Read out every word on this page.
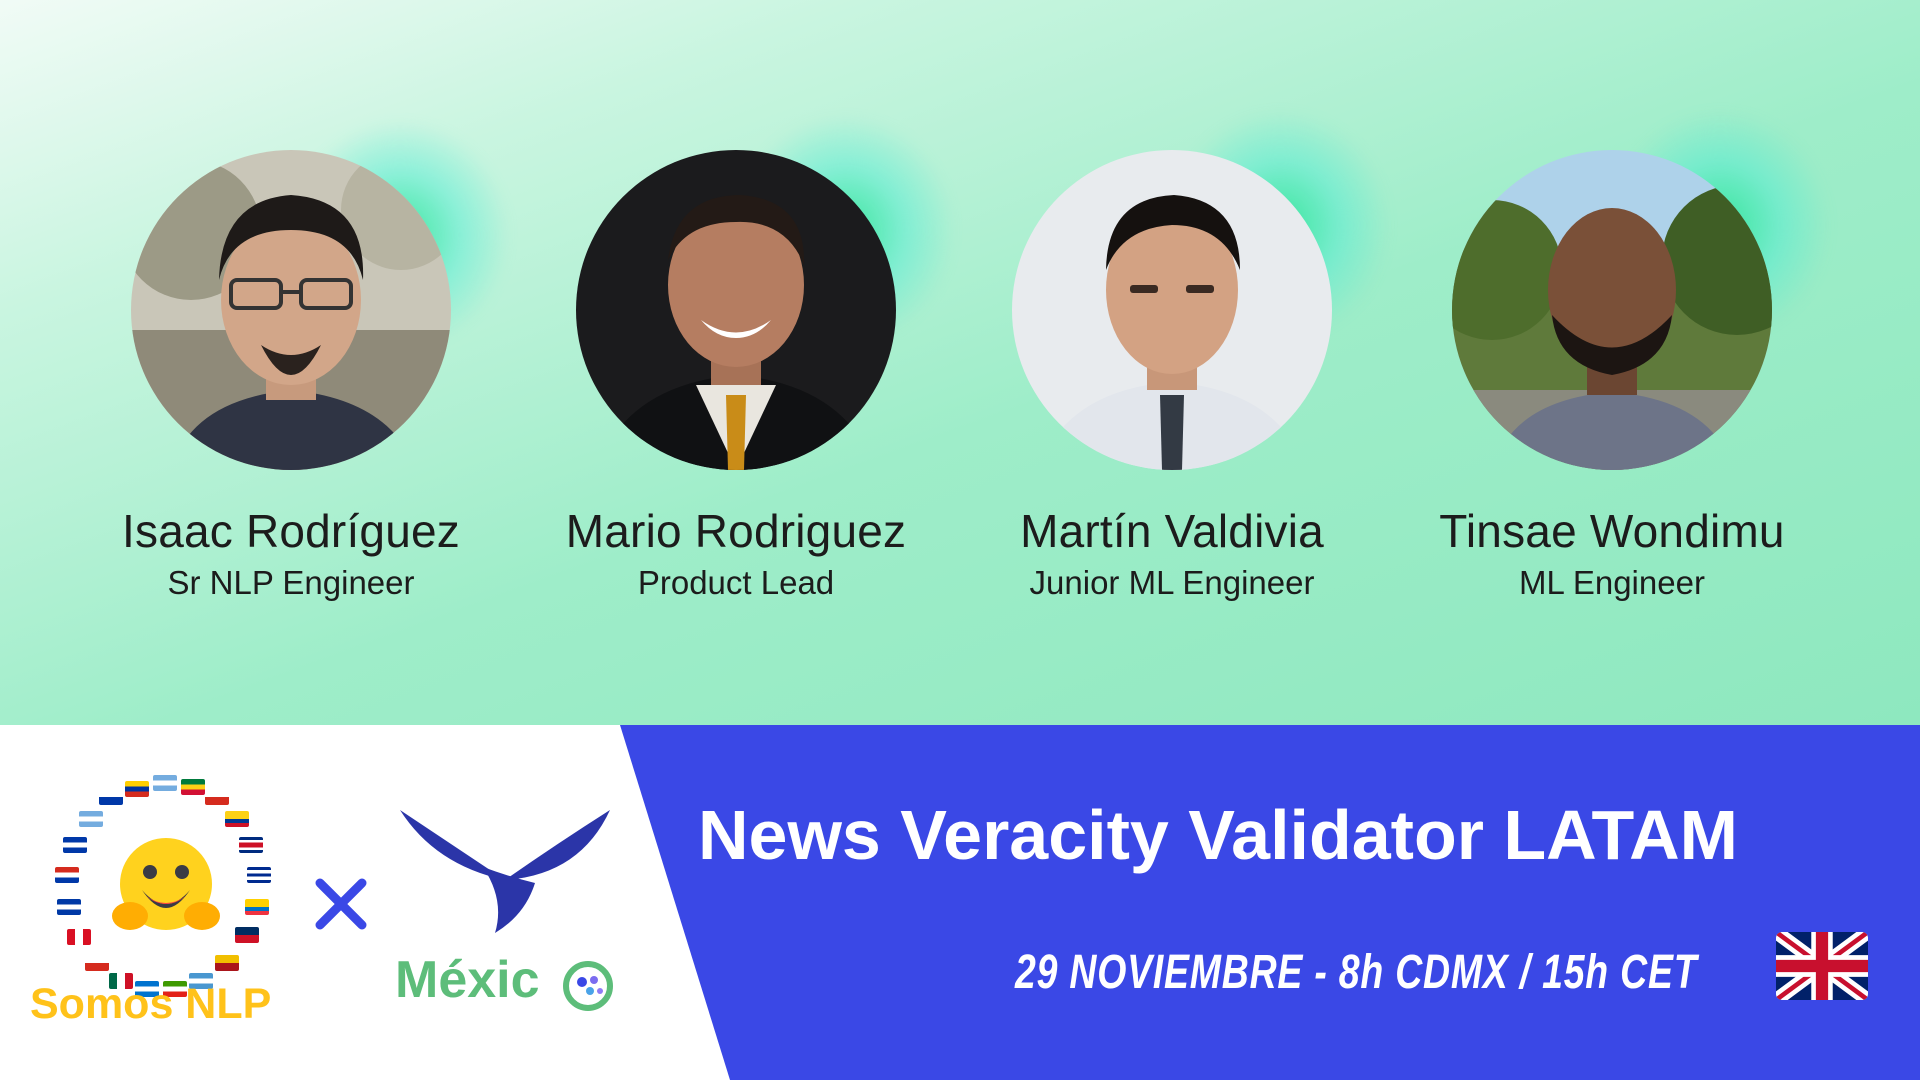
Isaac Rodríguez
Sr NLP Engineer
Mario Rodriguez
Product Lead
Martín Valdivia
Junior ML Engineer
Tinsae Wondimu
ML Engineer
Somos NLP Méxic
News Veracity Validator LATAM
29 NOVIEMBRE - 8h CDMX / 15h CET
